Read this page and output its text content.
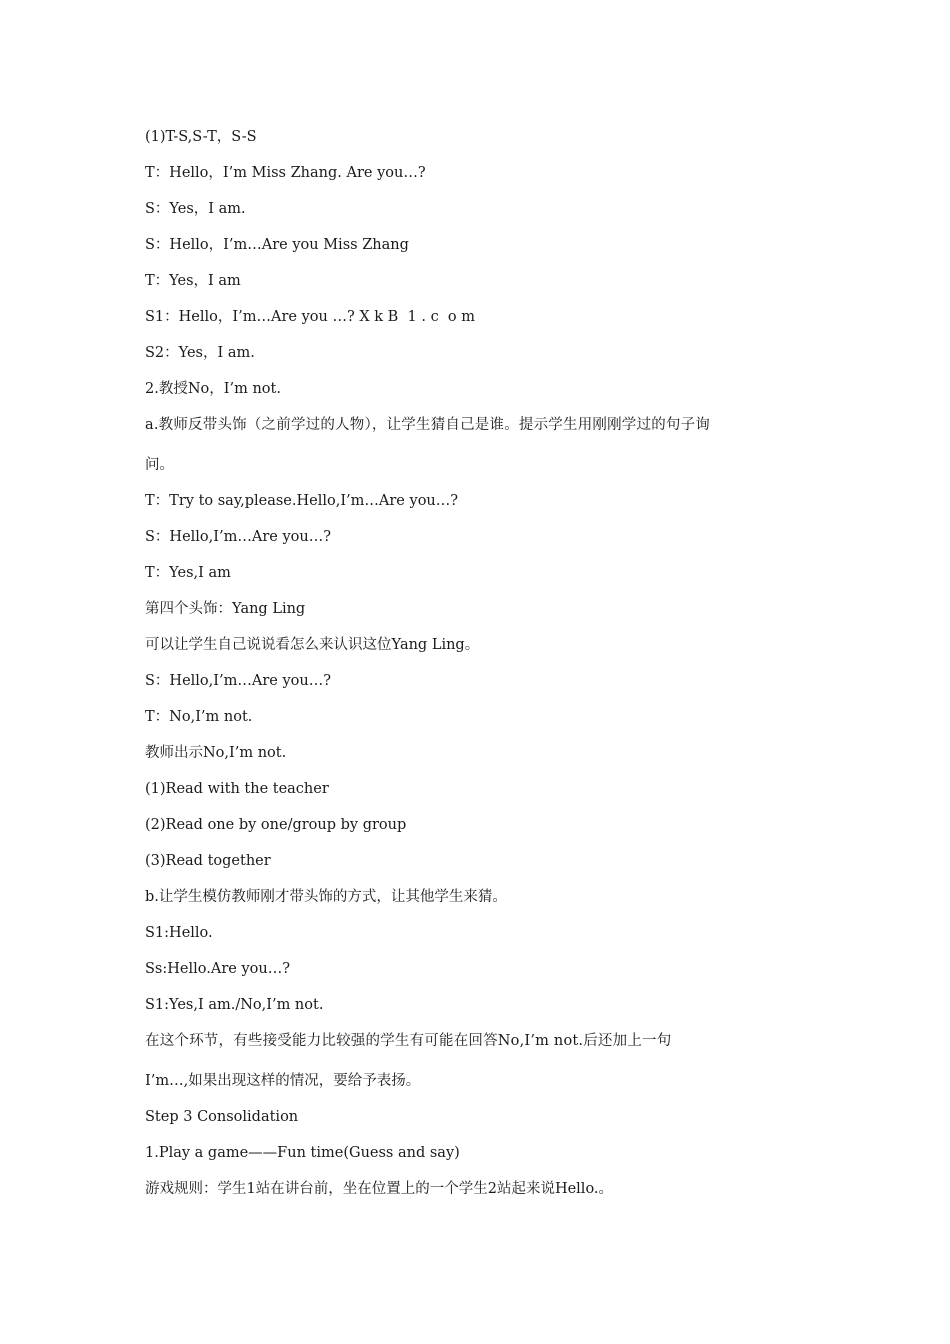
(1)T-S,S-T，S-S
T：Hello，I’m Miss Zhang. Are you…?
S：Yes，I am.
S：Hello，I’m…Are you Miss Zhang
T：Yes，I am
S1：Hello，I’m…Are you …? X k B  1 . c  o m
S2：Yes，I am.
2.教授No，I’m not.
a.教师反带头饰（之前学过的人物），让学生猜自己是谁。提示学生用刚刚学过的句子询
问。
T：Try to say,please.Hello,I’m…Are you…?
S：Hello,I’m…Are you…?
T：Yes,I am
第四个头饰：Yang Ling
可以让学生自己说说看怎么来认识这位Yang Ling。
S：Hello,I’m…Are you…?
T：No,I’m not.
教师出示No,I’m not.
(1)Read with the teacher
(2)Read one by one/group by group
(3)Read together
b.让学生模仿教师刚才带头饰的方式，让其他学生来猜。
S1:Hello.
Ss:Hello.Are you…?
S1:Yes,I am./No,I’m not.
在这个环节，有些接受能力比较强的学生有可能在回答No,I’m not.后还加上一句
I’m…,如果出现这样的情况，要给予表扬。
Step 3 Consolidation
1.Play a game——Fun time(Guess and say)
游戏规则：学生1站在讲台前，坐在位置上的一个学生2站起来说Hello.。
